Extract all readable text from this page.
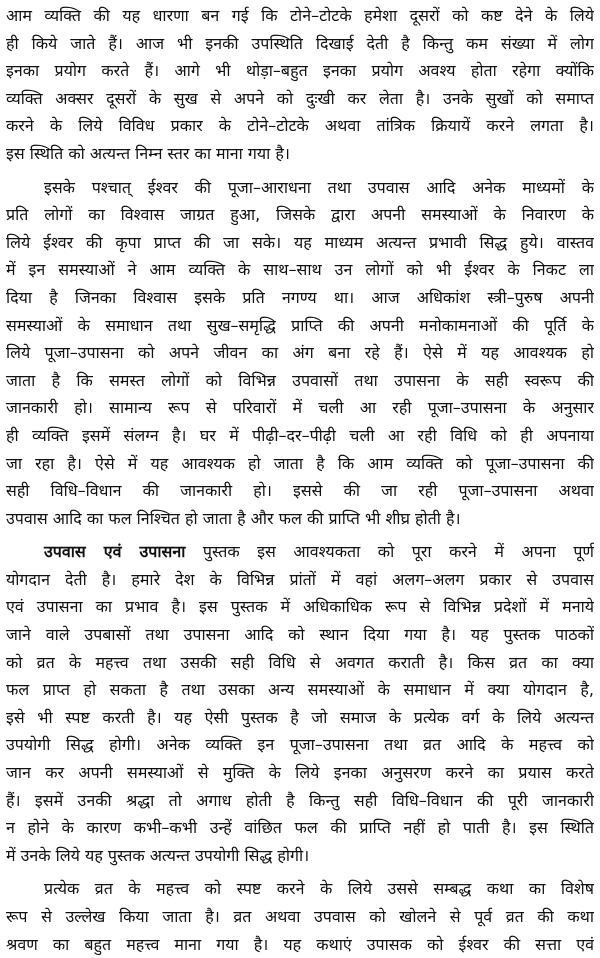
आम व्यक्ति की यह धारणा बन गई कि टोने–टोटके हमेशा दूसरों को कष्ट देने के लिये
ही किये जाते हैं। आज भी इनकी उपस्थिति दिखाई देती है किन्तु कम संख्या में लोग
इनका प्रयोग करते हैं। आगे भी थोड़ा–बहुत इनका प्रयोग अवश्य होता रहेगा क्योंकि
व्यक्ति अक्सर दूसरों के सुख से अपने को दुःखी कर लेता है। उनके सुखों को समाप्त
करने के लिये विविध प्रकार के टोने–टोटके अथवा तांत्रिक क्रियायें करने लगता है।
इस स्थिति को अत्यन्त निम्न स्तर का माना गया है।
इसके पश्चात् ईश्वर की पूजा–आराधना तथा उपवास आदि अनेक माध्यमों के
प्रति लोगों का विश्वास जाग्रत हुआ, जिसके द्वारा अपनी समस्याओं के निवारण के
लिये ईश्वर की कृपा प्राप्त की जा सके। यह माध्यम अत्यन्त प्रभावी सिद्ध हुये। वास्तव
में इन समस्याओं ने आम व्यक्ति के साथ–साथ उन लोगों को भी ईश्वर के निकट ला
दिया है जिनका विश्वास इसके प्रति नगण्य था। आज अधिकांश स्त्री–पुरुष अपनी
समस्याओं के समाधान तथा सुख–समृद्धि प्राप्ति की अपनी मनोकामनाओं की पूर्ति के
लिये पूजा–उपासना को अपने जीवन का अंग बना रहे हैं। ऐसे में यह आवश्यक हो
जाता है कि समस्त लोगों को विभिन्न उपवासों तथा उपासना के सही स्वरूप की
जानकारी हो। सामान्य रूप से परिवारों में चली आ रही पूजा–उपासना के अनुसार
ही व्यक्ति इसमें संलग्न है। घर में पीढ़ी–दर–पीढ़ी चली आ रही विधि को ही अपनाया
जा रहा है। ऐसे में यह आवश्यक हो जाता है कि आम व्यक्ति को पूजा–उपासना की
सही विधि–विधान की जानकारी हो। इससे की जा रही पूजा–उपासना अथवा
उपवास आदि का फल निश्चित हो जाता है और फल की प्राप्ति भी शीघ्र होती है।
उपवास एवं उपासना पुस्तक इस आवश्यकता को पूरा करने में अपना पूर्ण
योगदान देती है। हमारे देश के विभिन्न प्रांतों में वहां अलग–अलग प्रकार से उपवास
एवं उपासना का प्रभाव है। इस पुस्तक में अधिकाधिक रूप से विभिन्न प्रदेशों में मनाये
जाने वाले उपबासों तथा उपासना आदि को स्थान दिया गया है। यह पुस्तक पाठकों
को व्रत के महत्त्व तथा उसकी सही विधि से अवगत कराती है। किस व्रत का क्या
फल प्राप्त हो सकता है तथा उसका अन्य समस्याओं के समाधान में क्या योगदान है,
इसे भी स्पष्ट करती है। यह ऐसी पुस्तक है जो समाज के प्रत्येक वर्ग के लिये अत्यन्त
उपयोगी सिद्ध होगी। अनेक व्यक्ति इन पूजा–उपासना तथा व्रत आदि के महत्त्व को
जान कर अपनी समस्याओं से मुक्ति के लिये इनका अनुसरण करने का प्रयास करते
हैं। इसमें उनकी श्रद्धा तो अगाध होती है किन्तु सही विधि–विधान की पूरी जानकारी
न होने के कारण कभी–कभी उन्हें वांछित फल की प्राप्ति नहीं हो पाती है। इस स्थिति
में उनके लिये यह पुस्तक अत्यन्त उपयोगी सिद्ध होगी।
प्रत्येक व्रत के महत्त्व को स्पष्ट करने के लिये उससे सम्बद्ध कथा का विशेष
रूप से उल्लेख किया जाता है। व्रत अथवा उपवास को खोलने से पूर्व व्रत की कथा
श्रवण का बहुत महत्त्व माना गया है। यह कथाएं उपासक को ईश्वर की सत्ता एवं
